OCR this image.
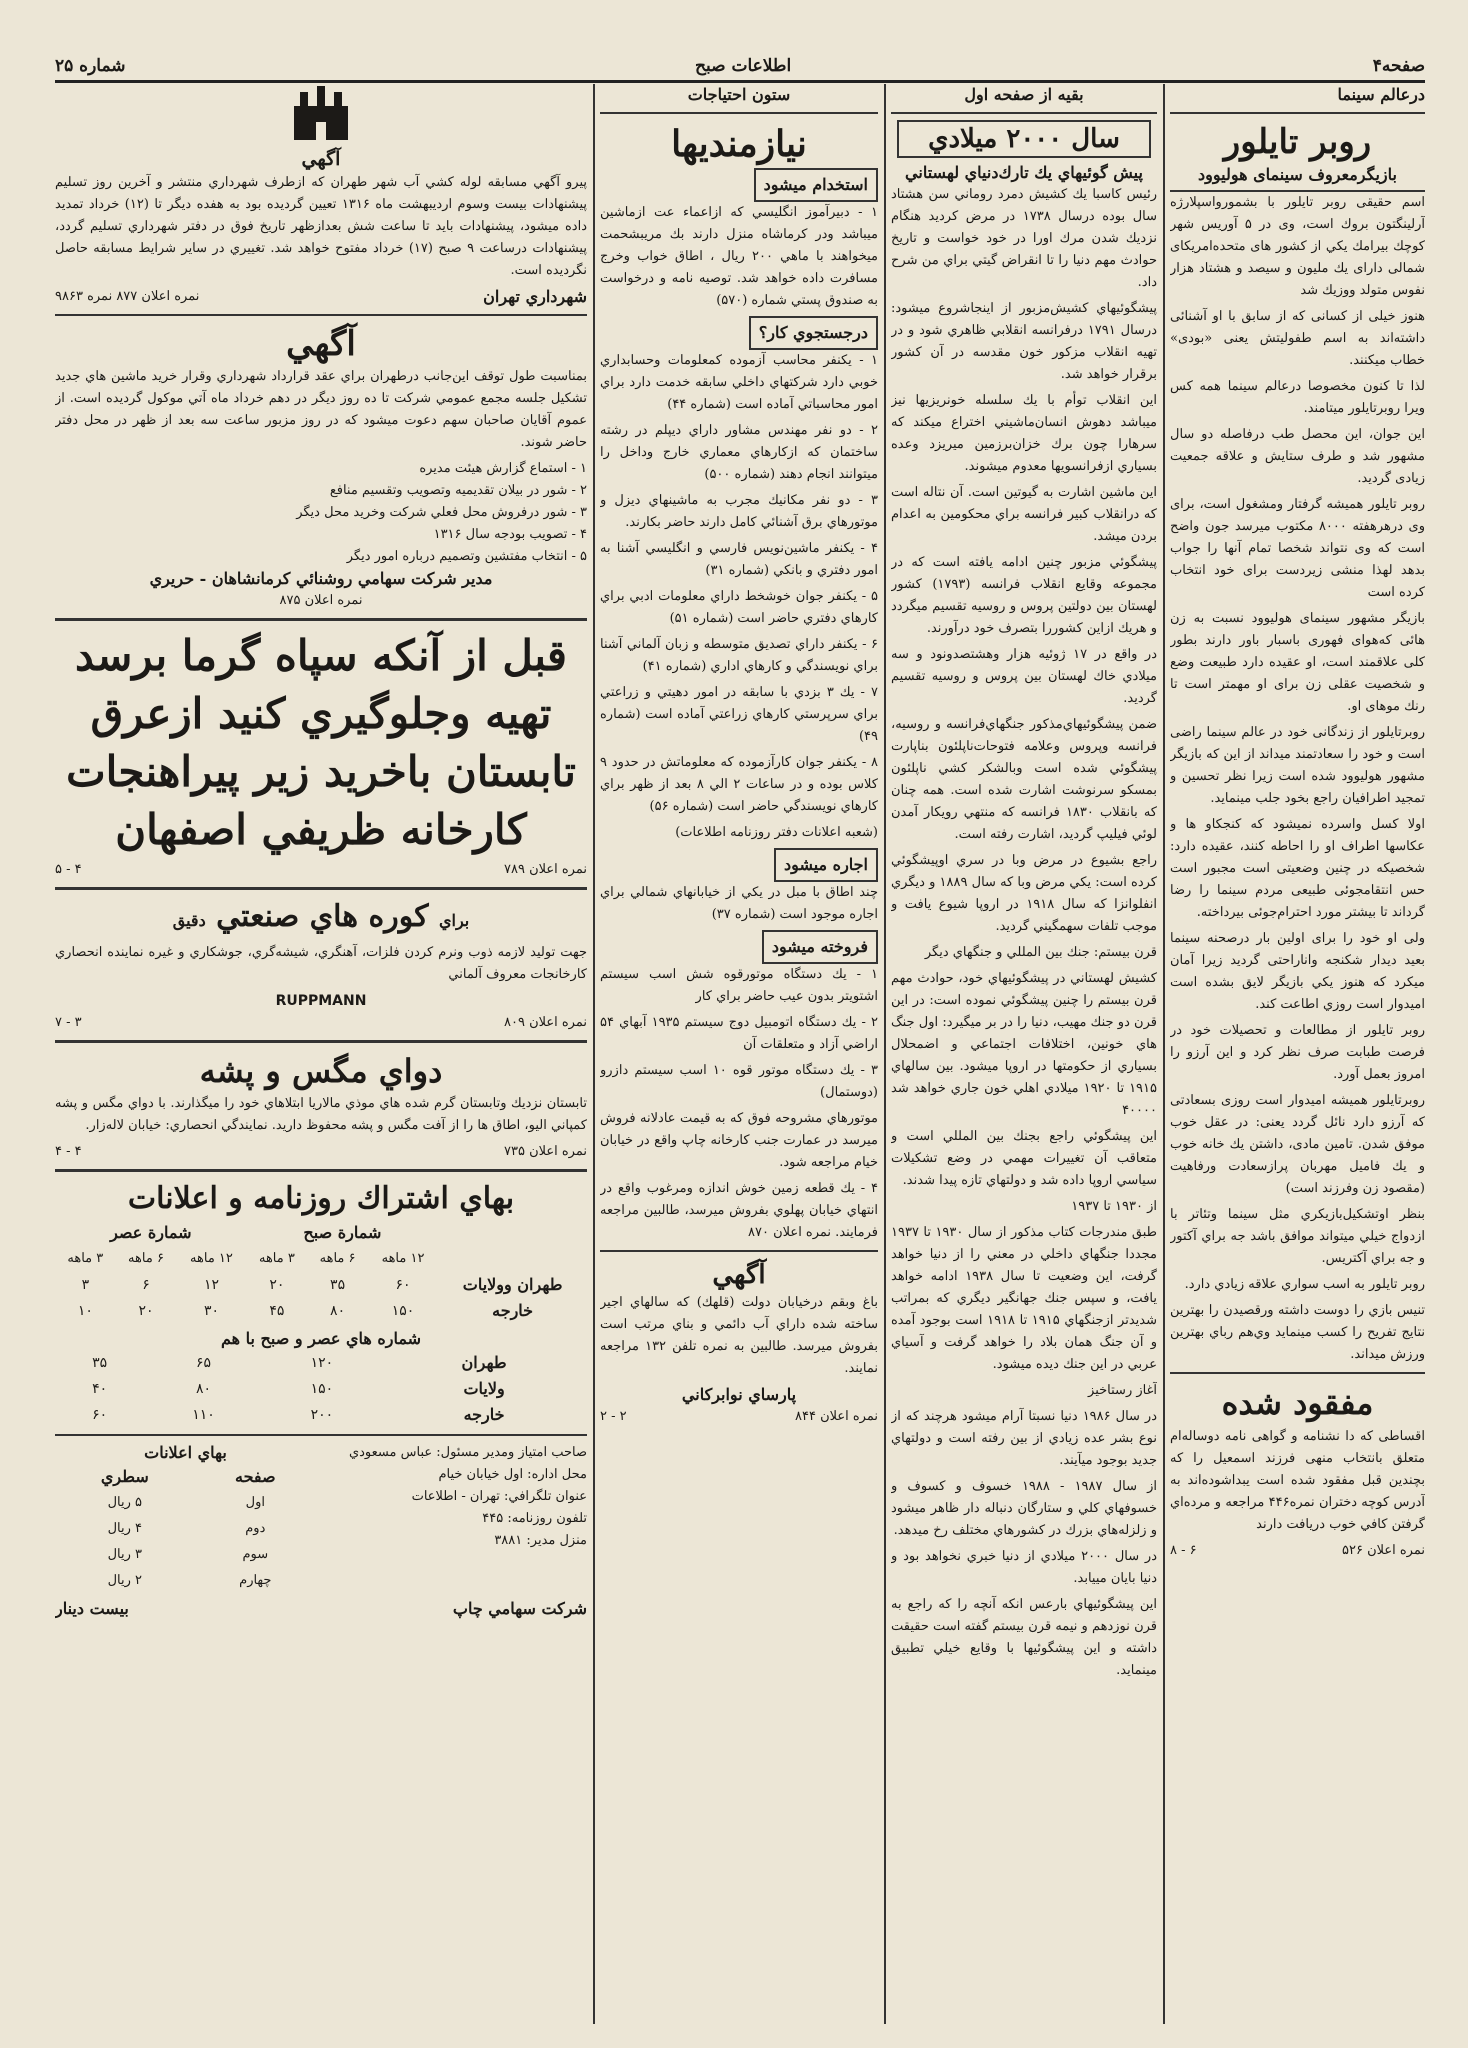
صفحه۴
اطلاعات صبح
شماره ۲۵
درعالم سینما
روبر تایلور
بازیگرمعروف سینمای هولیوود

اسم حقیقی روبر تایلور با بشمورواسپلارژه آرلینگتون برو‌ك است، وی در ۵ آوریس شهر کوچك بیرامك يکي از کشور های متحده‌امریکای شمالی دارای يك مليون و سيصد و هشتاد هزار نفوس متولد ووزيك شد

هنوز خیلی از کسانی که از سابق با او آشنائی داشته‌اند به اسم طفولیتش یعنی «بودی» خطاب میکنند.

لذا تا کنون مخصوصا درعالم سینما همه کس ویرا روبرتایلور میتامند.

این جوان، این محصل طب درفاصله دو سال مشهور شد و طرف ستایش و علاقه جمعیت زیادی گردید.

روبر تایلور همیشه گرفتار ومشغول است، برای وی درهرهفته ۸۰۰۰ مکتوب میرسد جون واضح است که وی نتواند شخصا تمام آنها را جواب بدهد لهذا منشی زیردست برای خود انتخاب کرده است

بازیگر مشهور سینمای هولیوود نسبت به زن هائی که‌هوای فهوری باسبار باور دارند بطور کلی علاقمند است، او عقیده دارد طبیعت وضع و شخصیت عقلی زن برای او مهمتر است تا رنك موهای او.

روبرتایلور از زندگانی خود در عالم سینما راضی است و خود را سعادتمند میداند از این که بازیگر مشهور هولیوود شده است زیرا نظر تحسین و تمجید اطرافیان راجع بخود جلب مینماید.

اولا کسل واسرده نمیشود که کنجکاو ها و عکاسها اطراف او را احاطه کنند، عقیده دارد: شخصیکه در چنین وضعیتی است مجبور است حس انتقامجوئی طبیعی مردم سینما را رضا گرداند تا بیشتر مورد احترام‌جوئی بیرداخته.

ولی او خود را برای اولین بار درصحنه سینما بعید دیدار شکنجه واناراحتی گردید زیرا آمان میکرد که هنوز يكي بازیگر لایق بشده است امیدوار است روزي اطاعت کند.

روبر تايلور از مطالعات و تحصيلات خود در فرصت طبابت صرف نظر كرد و اين آرزو را امروز بعمل آورد.

روبرتایلور همیشه امیدوار است روزی بسعادتی که آرزو دارد نائل گردد یعنی: در عقل خوب موفق شدن. تامین مادی، داشتن يك خانه خوب و يك فاميل مهربان پرازسعادت ورفاهيت (مقصود زن وفرزند است)

بنظر اوتشكيل‌بازيكري مثل سينما وتئاتر با ازدواج خيلي ميتواند موافق باشد جه براي آكتور و جه براي آكتريس.

روبر تايلور به اسب سواري علاقه زيادي دارد.

تنيس بازي را دوست داشته ورقصيدن را بهترين نتايج تفريح را كسب مينمايد وي‌هم رباي بهترين ورزش ميداند.

مفقود شده

اقساطی که دا نشنامه و گواهی نامه دوساله‌ام متعلق بانتخاب منهی فرزند اسمعیل را كه بچندين قبل مفقود شده است يبداشوده‌اند به آدرس كوچه دختران نمره۴۴۶ مراجعه و مرده‌اي گرفتن كافي خوب دريافت دارند

نمره اعلان ۵۲۶
۶ - ۸
بقيه از صفحه اول
سال ۲۰۰۰ ميلادي
پيش گوئيهاي يك تارك‌دنياي لهستاني

رئيس کاسبا يك كشيش دمرد روماني سن هشتاد سال بوده درسال ۱۷۳۸ در مرض كرديد هنگام نزديك شدن مرك اورا در خود خواست و تاريخ حوادث مهم دنيا را تا انقراض گيتي براي من شرح داد.

پيشگوئيهاي كشيش‌مزبور از اينجاشروع ميشود: درسال ۱۷۹۱ درفرانسه انقلابي ظاهري شود و در تهيه انقلاب مزكور خون مقدسه در آن كشور برقرار خواهد شد.

اين انقلاب توأم با يك سلسله خونريزيها نيز ميباشد دهوش انسان‌ماشيني اختراع ميكند كه سرهارا چون برك خزان‌برزمين ميريزد وعده بسياري ازفرانسويها معدوم ميشوند.

اين ماشين اشارت به گيوتين است. آن نتاله است كه درانقلاب كبير فرانسه براي محكومين به اعدام بردن ميشد.

پيشگوئي مزبور چنين ادامه يافته است كه در مجموعه وقايع انقلاب فرانسه (۱۷۹۳) كشور لهستان بين دولتين پروس و روسيه تقسيم ميگردد و هريك ازاين كشوررا بتصرف خود درآورند.

در واقع در ۱۷ ژوئيه هزار وهشتصدونود و سه ميلادي خاك لهستان بين پروس و روسيه تقسيم گرديد.

ضمن پيشگوئيهاي‌مذكور جنگهاي‌فرانسه و روسيه، فرانسه وپروس وعلامه فتوحات‌ناپلئون بناپارت پيشگوئي شده است وبالشكر كشي ناپلئون بمسكو سرنوشت اشارت شده است. همه چنان كه بانقلاب ۱۸۳۰ فرانسه كه منتهي رويكار آمدن لوئي فيليپ گرديد، اشارت رفته است.

راجع بشيوع در مرض وبا در سري اوپيشگوئي كرده است: يكي مرض وبا كه سال ۱۸۸۹ و ديگري انفلوانزا كه سال ۱۹۱۸ در اروپا شيوع يافت و موجب تلفات سهمگيني گرديد.

قرن بيستم: جنك بين المللي و جنگهاي ديگر

كشيش لهستاني در پيشگوئيهاي خود، حوادث مهم قرن بيستم را چنين پيشگوئي نموده است: در اين قرن دو جنك مهيب، دنيا را در بر ميگيرد: اول جنگ هاي خونين، اختلافات اجتماعي و اضمحلال بسياري از حكومتها در اروپا ميشود. بين سالهاي ۱۹۱۵ تا ۱۹۲۰ ميلادي اهلي خون جاري خواهد شد ۴۰۰۰۰

اين پيشگوئي راجع بجنك بين المللي است و متعاقب آن تغييرات مهمي در وضع تشكيلات سياسي اروپا داده شد و دولتهاي تازه پيدا شدند.

از ۱۹۳۰ تا ۱۹۳۷

طبق مندرجات كتاب مذكور از سال ۱۹۳۰ تا ۱۹۳۷ مجددا جنگهاي داخلي در معني را از دنيا خواهد گرفت، اين وضعيت تا سال ۱۹۳۸ ادامه خواهد يافت، و سپس جنك جهانگير ديگري كه بمراتب شديدتر ازجنگهاي ۱۹۱۵ تا ۱۹۱۸ است بوجود آمده و آن جنگ همان بلاد را خواهد گرفت و آسياي عربي در اين جنك ديده ميشود.

آغاز رستاخيز

در سال ۱۹۸۶ دنيا نسبتا آرام ميشود هرچند كه از نوع بشر عده زيادي از بين رفته است و دولتهاي جديد بوجود ميآيند.

از سال ۱۹۸۷ - ۱۹۸۸ خسوف و كسوف و خسوفهاي كلي و ستارگان دنباله دار ظاهر ميشود و زلزله‌هاي بزرك در كشورهاي مختلف رخ ميدهد.

در سال ۲۰۰۰ ميلادي از دنيا خبري نخواهد بود و دنيا بايان مييابد.

اين پيشگوئيهاي بارعس انكه آنچه را كه راجع به قرن نوزدهم و نيمه قرن بيستم گفته است حقيقت داشته و اين پيشگوئيها با وقايع خيلي تطبيق مينمايد.

ستون احتياجات
نيازمنديها
استخدام ميشود

۱ - دبيرآموز انگليسي كه ازاعماء عت ازماشين ميباشد ودر كرماشاه منزل دارند بك مريبشحمت ميخواهند با ماهي ۲۰۰ ريال ، اطاق خواب وخرج مسافرت داده خواهد شد. توصيه نامه و درخواست به صندوق پستي شماره (۵۷۰)

درجستجوي كار؟

۱ - يكنفر محاسب آزموده كمعلومات وحسابداري خوبي دارد شركتهاي داخلي سابقه خدمت دارد براي امور محاسباتي آماده است (شماره ۴۴)

۲ - دو نفر مهندس مشاور داراي ديپلم در رشته ساختمان كه ازكارهاي معماري خارج وداخل را ميتوانند انجام دهند (شماره ۵۰۰)

۳ - دو نفر مكانيك مجرب به ماشينهاي ديزل و موتورهاي برق آشنائي كامل دارند حاضر بكارند.

۴ - يكنفر ماشين‌نويس فارسي و انگليسي آشنا به امور دفتري و بانكي (شماره ۳۱)

۵ - يكنفر جوان خوشخط داراي معلومات ادبي براي كارهاي دفتري حاضر است (شماره ۵۱)

۶ - يكنفر داراي تصديق متوسطه و زبان آلماني آشنا براي نويسندگي و كارهاي اداري (شماره ۴۱)

۷ - يك ۳ بزدي با سابقه در امور دهيتي و زراعتي براي سرپرستي كارهاي زراعتي آماده است (شماره ۴۹)

۸ - يكنفر جوان كارآزموده كه معلوماتش در حدود ۹ كلاس بوده و در ساعات ۲ الي ۸ بعد از ظهر براي كارهاي نويسندگي حاضر است (شماره ۵۶)

(شعبه اعلانات دفتر روزنامه اطلاعات)

اجاره ميشود

چند اطاق با مبل در يكي از خيابانهاي شمالي براي اجاره موجود است (شماره ۳۷)

فروخته ميشود

۱ - يك دستگاه موتورقوه شش اسب سيستم اشتويتر بدون عيب حاضر براي كار

۲ - يك دستگاه اتومبيل دوج سيستم ۱۹۳۵ آبهاي ۵۴ اراضي آزاد و متعلقات آن

۳ - يك دستگاه موتور قوه ۱۰ اسب سيستم دازرو (دوستمال)

موتورهاي مشروحه فوق كه به قيمت عادلانه فروش ميرسد در عمارت جنب كارخانه چاپ واقع در خيابان خيام مراجعه شود.

۴ - يك قطعه زمين خوش اندازه ومرغوب واقع در انتهاي خيابان پهلوي بفروش ميرسد، طالبين مراجعه فرمايند. نمره اعلان ۸۷۰

آگهي

باغ وبقم درخيابان دولت (قلهك) كه سالهاي اجير ساخته شده داراي آب دائمي و بناي مرتب است بفروش ميرسد. طالبين به نمره تلفن ۱۳۲ مراجعه نمايند.

پارساي نوابركاني
نمره اعلان ۸۴۴
۲ - ۲
آگهي

پيرو آگهي مسابقه لوله كشي آب شهر طهران كه ازطرف شهرداري منتشر و آخرين روز تسليم پيشنهادات بيست وسوم اردیبهشت ماه ۱۳۱۶ تعيين گرديده بود به هفده ديگر تا (۱۲) خرداد تمديد داده ميشود، پيشنهادات بايد تا ساعت شش بعدازظهر تاريخ فوق در دفتر شهرداري تسليم گردد، پيشنهادات درساعت ۹ صبح (۱۷) خرداد مفتوح خواهد شد. تغييري در ساير شرايط مسابقه حاصل نگرديده است.

شهرداري تهران
نمره اعلان ۸۷۷ نمره ۹۸۶۳
آگهي

بمناسبت طول توقف اين‌جانب درطهران براي عقد قرارداد شهرداري وقرار خريد ماشين هاي جديد تشكيل جلسه مجمع عمومي شركت تا ده روز ديگر در دهم خرداد ماه آتي موكول گرديده است. از عموم آقايان صاحبان سهم دعوت ميشود كه در روز مزبور ساعت سه بعد از ظهر در محل دفتر حاضر شوند.

۱ - استماع گزارش هيئت مديره
۲ - شور در بيلان تقديميه وتصويب وتقسيم منافع
۳ - شور درفروش محل فعلي شركت وخريد محل ديگر
۴ - تصويب بودجه سال ۱۳۱۶
۵ - انتخاب مفتشين وتصميم درباره امور ديگر
مدير شركت سهامي روشنائي كرمانشاهان - حريري
نمره اعلان ۸۷۵
قبل از آنكه سپاه گرما برسد تهيه وجلوگيري كنيد ازعرق تابستان باخريد زير پيراهنجات كارخانه ظريفي اصفهان
نمره اعلان ۷۸۹
۴ - ۵
براي كوره هاي صنعتي دقيق

جهت توليد لازمه ذوب ونرم كردن فلزات، آهنگري، شيشه‌گري، جوشكاري و غيره نماينده انحصاري كارخانجات معروف آلماني

RUPPMANN
نمره اعلان ۸۰۹
۳ - ۷
دواي مگس و پشه

تابستان نزديك وتابستان گرم شده هاي موذي مالاريا ابتلا‌هاي خود را ميگذارند. با دواي مگس و پشه كمپاني اليو، اطاق ها را از آفت مگس و پشه محفوظ داريد. نمايندگي انحصاري: خيابان لاله‌زار.

نمره اعلان ۷۳۵
۴ - ۴
بهاي اشتراك روزنامه و اعلانات
	شمارة صبح			شمارة عصر		
	۱۲ ماهه	۶ ماهه	۳ ماهه	۱۲ ماهه	۶ ماهه	۳ ماهه
طهران وولايات	۶۰	۳۵	۲۰	۱۲	۶	۳
خارجه	۱۵۰	۸۰	۴۵	۳۰	۲۰	۱۰
شماره هاي عصر و صبح با هم
طهران	۱۲۰	۶۵	۳۵
ولايات	۱۵۰	۸۰	۴۰
خارجه	۲۰۰	۱۱۰	۶۰
صاحب امتياز ومدير مسئول: عباس مسعودي
محل اداره: اول خيابان خيام
عنوان تلگرافي: تهران - اطلاعات
تلفون روزنامه: ۴۴۵
منزل مدير: ۳۸۸۱
بهاي اعلانات
صفحه	سطري
اول	۵ ريال
دوم	۴ ريال
سوم	۳ ريال
چهارم	۲ ريال
شركت سهامي چاپ
بيست دينار
